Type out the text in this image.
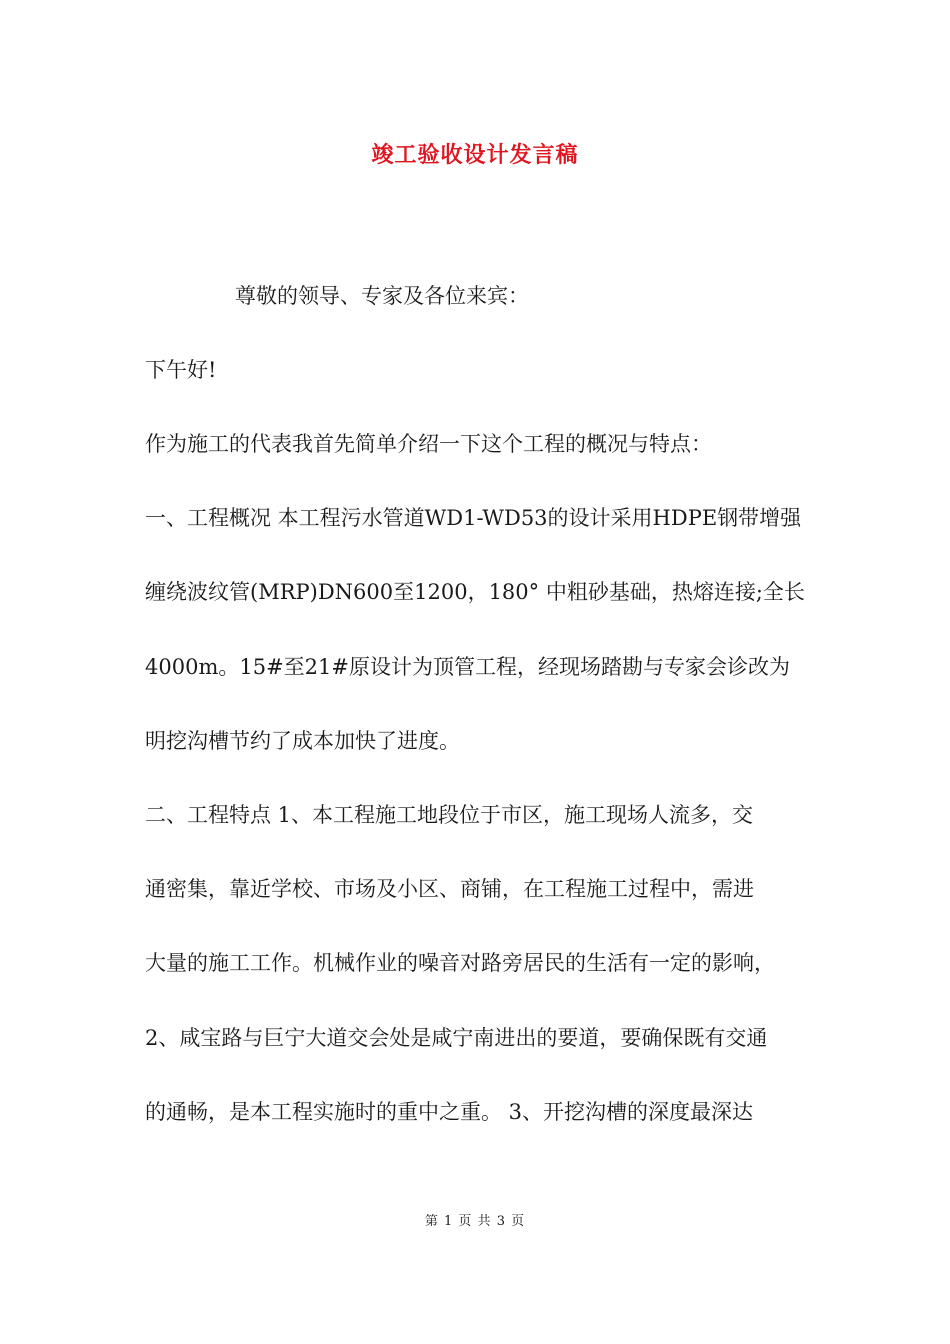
竣工验收设计发言稿
尊敬的领导、专家及各位来宾：
下午好!
作为施工的代表我首先简单介绍一下这个工程的概况与特点：
一、工程概况 本工程污水管道WD1-WD53的设计采用HDPE钢带增强
缠绕波纹管(MRP)DN600至1200，180° 中粗砂基础，热熔连接;全长
4000m。15#至21#原设计为顶管工程，经现场踏勘与专家会诊改为
明挖沟槽节约了成本加快了进度。
二、工程特点 1、本工程施工地段位于市区，施工现场人流多，交
通密集，靠近学校、市场及小区、商铺，在工程施工过程中，需进
大量的施工工作。机械作业的噪音对路旁居民的生活有一定的影响，
2、咸宝路与巨宁大道交会处是咸宁南进出的要道，要确保既有交通
的通畅，是本工程实施时的重中之重。 3、开挖沟槽的深度最深达
第 1 页 共 3 页
